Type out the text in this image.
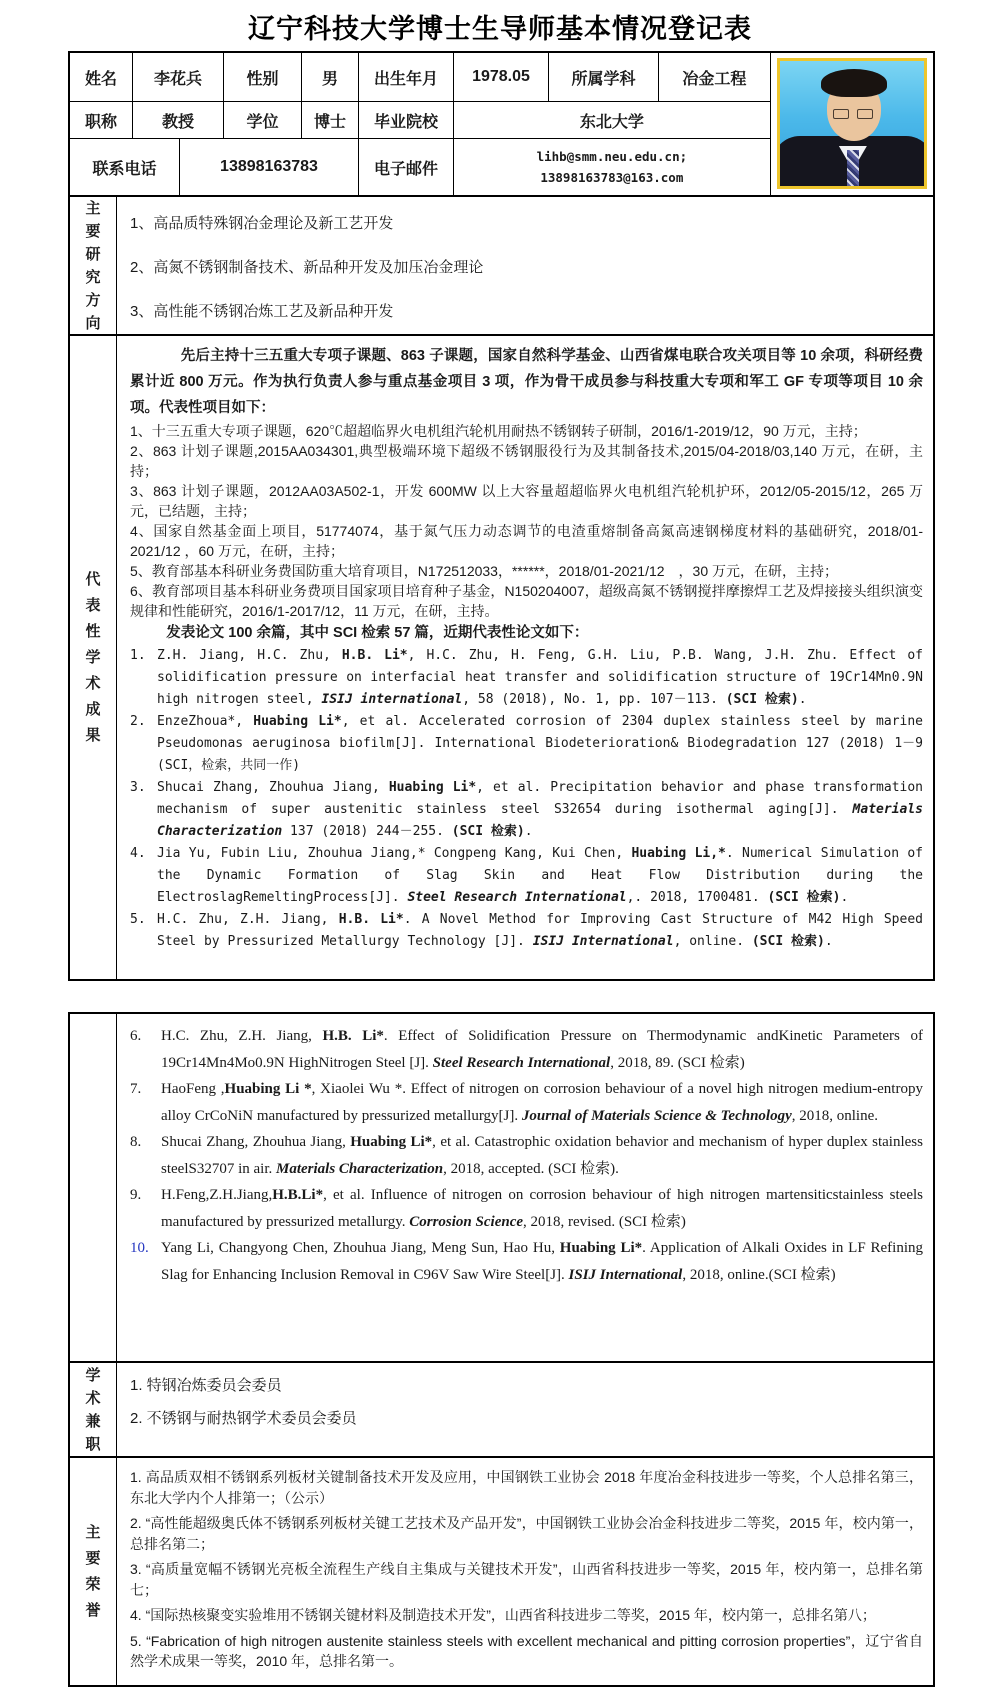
辽宁科技大学博士生导师基本情况登记表
姓名	李花兵	性别	男	出生年月	1978.05	所属学科	冶金工程
职称	教授	学位	博士	毕业院校	东北大学
联系电话	13898163783	电子邮件
lihb@smm.neu.edu.cn;
13898163783@163.com
主要研究方向
1、高品质特殊钢冶金理论及新工艺开发
2、高氮不锈钢制备技术、新品种开发及加压冶金理论
3、高性能不锈钢冶炼工艺及新品种开发
代表性学术成果

先后主持十三五重大专项子课题、863 子课题，国家自然科学基金、山西省煤电联合攻关项目等 10 余项，科研经费累计近 800 万元。作为执行负责人参与重点基金项目 3 项，作为骨干成员参与科技重大专项和军工 GF 专项等项目 10 余项。代表性项目如下：

1、十三五重大专项子课题，620℃超超临界火电机组汽轮机用耐热不锈钢转子研制，2016/1-2019/12，90 万元，主持；

2、863 计划子课题,2015AA034301,典型极端环境下超级不锈钢服役行为及其制备技术,2015/04-2018/03,140 万元，在研，主持；

3、863 计划子课题，2012AA03A502-1，开发 600MW 以上大容量超超临界火电机组汽轮机护环，2012/05-2015/12，265 万元，已结题，主持；

4、国家自然基金面上项目，51774074，基于氮气压力动态调节的电渣重熔制备高氮高速钢梯度材料的基础研究，2018/01-2021/12 ，60 万元，在研，主持；

5、教育部基本科研业务费国防重大培育项目，N172512033，******，2018/01-2021/12　，30 万元，在研，主持；

6、教育部项目基本科研业务费项目国家项目培育种子基金，N150204007，超级高氮不锈钢搅拌摩擦焊工艺及焊接接头组织演变规律和性能研究，2016/1-2017/12，11 万元，在研，主持。

发表论文 100 余篇，其中 SCI 检索 57 篇，近期代表性论文如下：

1. Z.H. Jiang, H.C. Zhu, H.B. Li*, H.C. Zhu, H. Feng, G.H. Liu, P.B. Wang, J.H. Zhu. Effect of solidification pressure on interfacial heat transfer and solidification structure of 19Cr14Mn0.9N high nitrogen steel, ISIJ international, 58 (2018), No. 1, pp. 107－113. (SCI 检索).
2. EnzeZhoua*, Huabing Li*, et al. Accelerated corrosion of 2304 duplex stainless steel by marine Pseudomonas aeruginosa biofilm[J]. International Biodeterioration& Biodegradation 127 (2018) 1－9 (SCI，检索，共同一作)
3. Shucai Zhang, Zhouhua Jiang, Huabing Li*, et al. Precipitation behavior and phase transformation mechanism of super austenitic stainless steel S32654 during isothermal aging[J]. Materials Characterization 137 (2018) 244－255. (SCI 检索).
4. Jia Yu, Fubin Liu, Zhouhua Jiang,* Congpeng Kang, Kui Chen, Huabing Li,*. Numerical Simulation of the Dynamic Formation of Slag Skin and Heat Flow Distribution during the ElectroslagRemeltingProcess[J]. Steel Research International,. 2018, 1700481. (SCI 检索).
5. H.C. Zhu, Z.H. Jiang, H.B. Li*. A Novel Method for Improving Cast Structure of M42 High Speed Steel by Pressurized Metallurgy Technology [J]. ISIJ International, online. (SCI 检索).
6.	H.C. Zhu, Z.H. Jiang, H.B. Li*. Effect of Solidification Pressure on Thermodynamic andKinetic Parameters of 19Cr14Mn4Mo0.9N HighNitrogen Steel [J]. Steel Research International, 2018, 89. (SCI 检索)
7.	HaoFeng ,Huabing Li *, Xiaolei Wu *. Effect of nitrogen on corrosion behaviour of a novel high nitrogen medium-entropy alloy CrCoNiN manufactured by pressurized metallurgy[J]. Journal of Materials Science & Technology, 2018, online.
8.	Shucai Zhang, Zhouhua Jiang, Huabing Li*, et al. Catastrophic oxidation behavior and mechanism of hyper duplex stainless steelS32707 in air. Materials Characterization, 2018, accepted. (SCI 检索).
9.	H.Feng,Z.H.Jiang,H.B.Li*, et al. Influence of nitrogen on corrosion behaviour of high nitrogen martensiticstainless steels manufactured by pressurized metallurgy. Corrosion Science, 2018, revised. (SCI 检索)
10. Yang Li, Changyong Chen, Zhouhua Jiang, Meng Sun, Hao Hu, Huabing Li*. Application of Alkali Oxides in LF Refining Slag for Enhancing Inclusion Removal in C96V Saw Wire Steel[J]. ISIJ International, 2018, online.(SCI 检索)
学术兼职
1. 特钢冶炼委员会委员
2. 不锈钢与耐热钢学术委员会委员
主要荣誉

1. 高品质双相不锈钢系列板材关键制备技术开发及应用，中国钢铁工业协会 2018 年度冶金科技进步一等奖，个人总排名第三，东北大学内个人排第一；（公示）

2. “高性能超级奥氏体不锈钢系列板材关键工艺技术及产品开发”，中国钢铁工业协会冶金科技进步二等奖，2015 年，校内第一，总排名第二；

3. “高质量宽幅不锈钢光亮板全流程生产线自主集成与关键技术开发”，山西省科技进步一等奖，2015 年，校内第一，总排名第七；

4. “国际热核聚变实验堆用不锈钢关键材料及制造技术开发”，山西省科技进步二等奖，2015 年，校内第一，总排名第八；

5. “Fabrication of high nitrogen austenite stainless steels with excellent mechanical and pitting corrosion properties”，辽宁省自然学术成果一等奖，2010 年，总排名第一。
